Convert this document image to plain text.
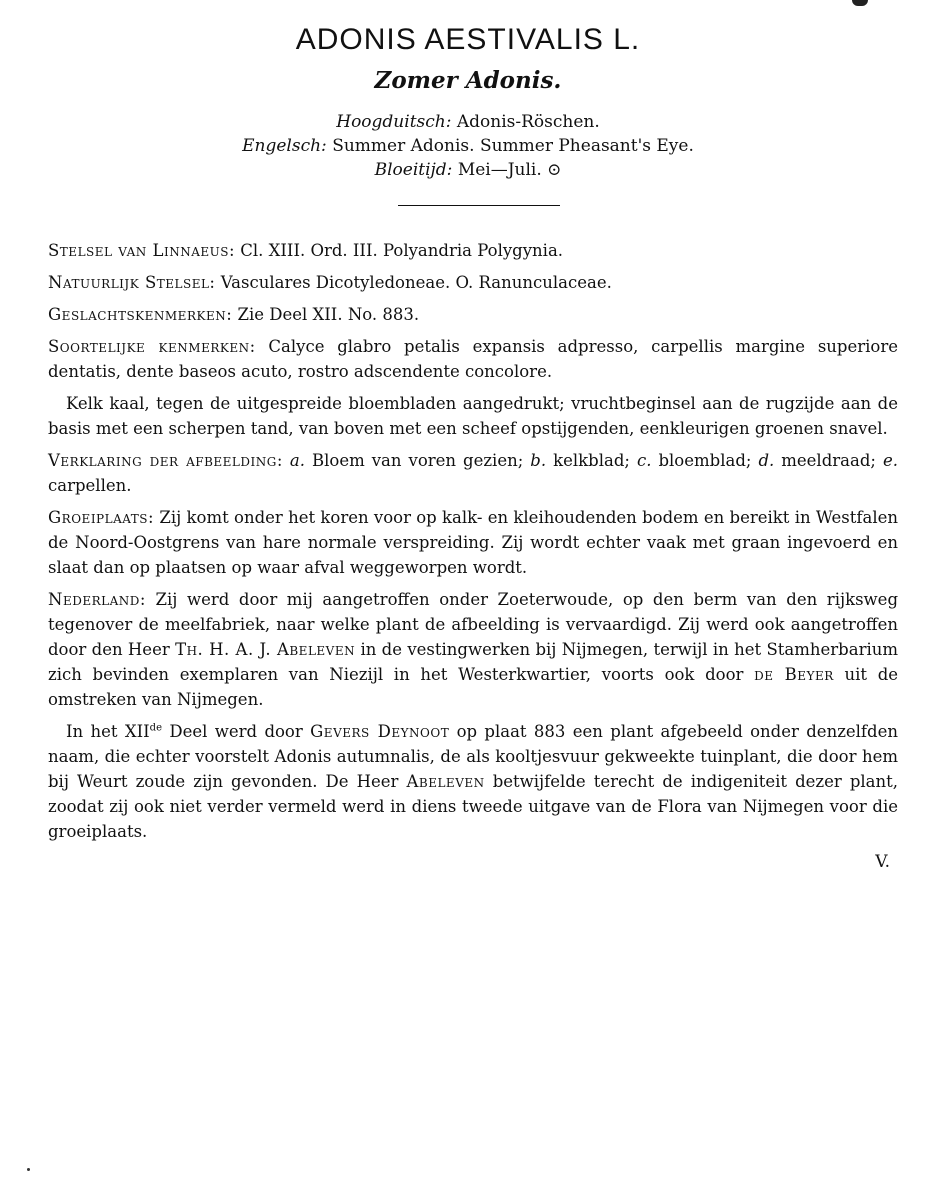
ADONIS AESTIVALIS L.
Zomer Adonis.
Hoogduitsch: Adonis-Röschen.
Engelsch: Summer Adonis. Summer Pheasant's Eye.
Bloeitijd: Mei—Juli. ⊙

Stelsel van Linnaeus: Cl. XIII. Ord. III. Polyandria Polygynia.

Natuurlijk Stelsel: Vasculares Dicotyledoneae. O. Ranunculaceae.

Geslachtskenmerken: Zie Deel XII. No. 883.

Soortelijke kenmerken: Calyce glabro petalis expansis adpresso, carpellis margine superiore dentatis, dente baseos acuto, rostro adscendente concolore.

Kelk kaal, tegen de uitgespreide bloembladen aangedrukt; vruchtbeginsel aan de rugzijde aan de basis met een scherpen tand, van boven met een scheef opstijgenden, eenkleurigen groenen snavel.

Verklaring der afbeelding: a. Bloem van voren gezien; b. kelkblad; c. bloemblad; d. meeldraad; e. carpellen.

Groeiplaats: Zij komt onder het koren voor op kalk- en kleihoudenden bodem en bereikt in Westfalen de Noord-Oostgrens van hare normale verspreiding. Zij wordt echter vaak met graan ingevoerd en slaat dan op plaatsen op waar afval weggeworpen wordt.

Nederland: Zij werd door mij aangetroffen onder Zoeterwoude, op den berm van den rijksweg tegenover de meelfabriek, naar welke plant de afbeelding is vervaardigd. Zij werd ook aangetroffen door den Heer Th. H. A. J. Abeleven in de vestingwerken bij Nijmegen, terwijl in het Stamherbarium zich bevinden exemplaren van Niezijl in het Westerkwartier, voorts ook door de Beyer uit de omstreken van Nijmegen.

In het XIIde Deel werd door Gevers Deynoot op plaat 883 een plant afgebeeld onder denzelfden naam, die echter voorstelt Adonis autumnalis, de als kooltjesvuur gekweekte tuinplant, die door hem bij Weurt zoude zijn gevonden. De Heer Abeleven betwijfelde terecht de indigeniteit dezer plant, zoodat zij ook niet verder vermeld werd in diens tweede uitgave van de Flora van Nijmegen voor die groeiplaats.

V.
